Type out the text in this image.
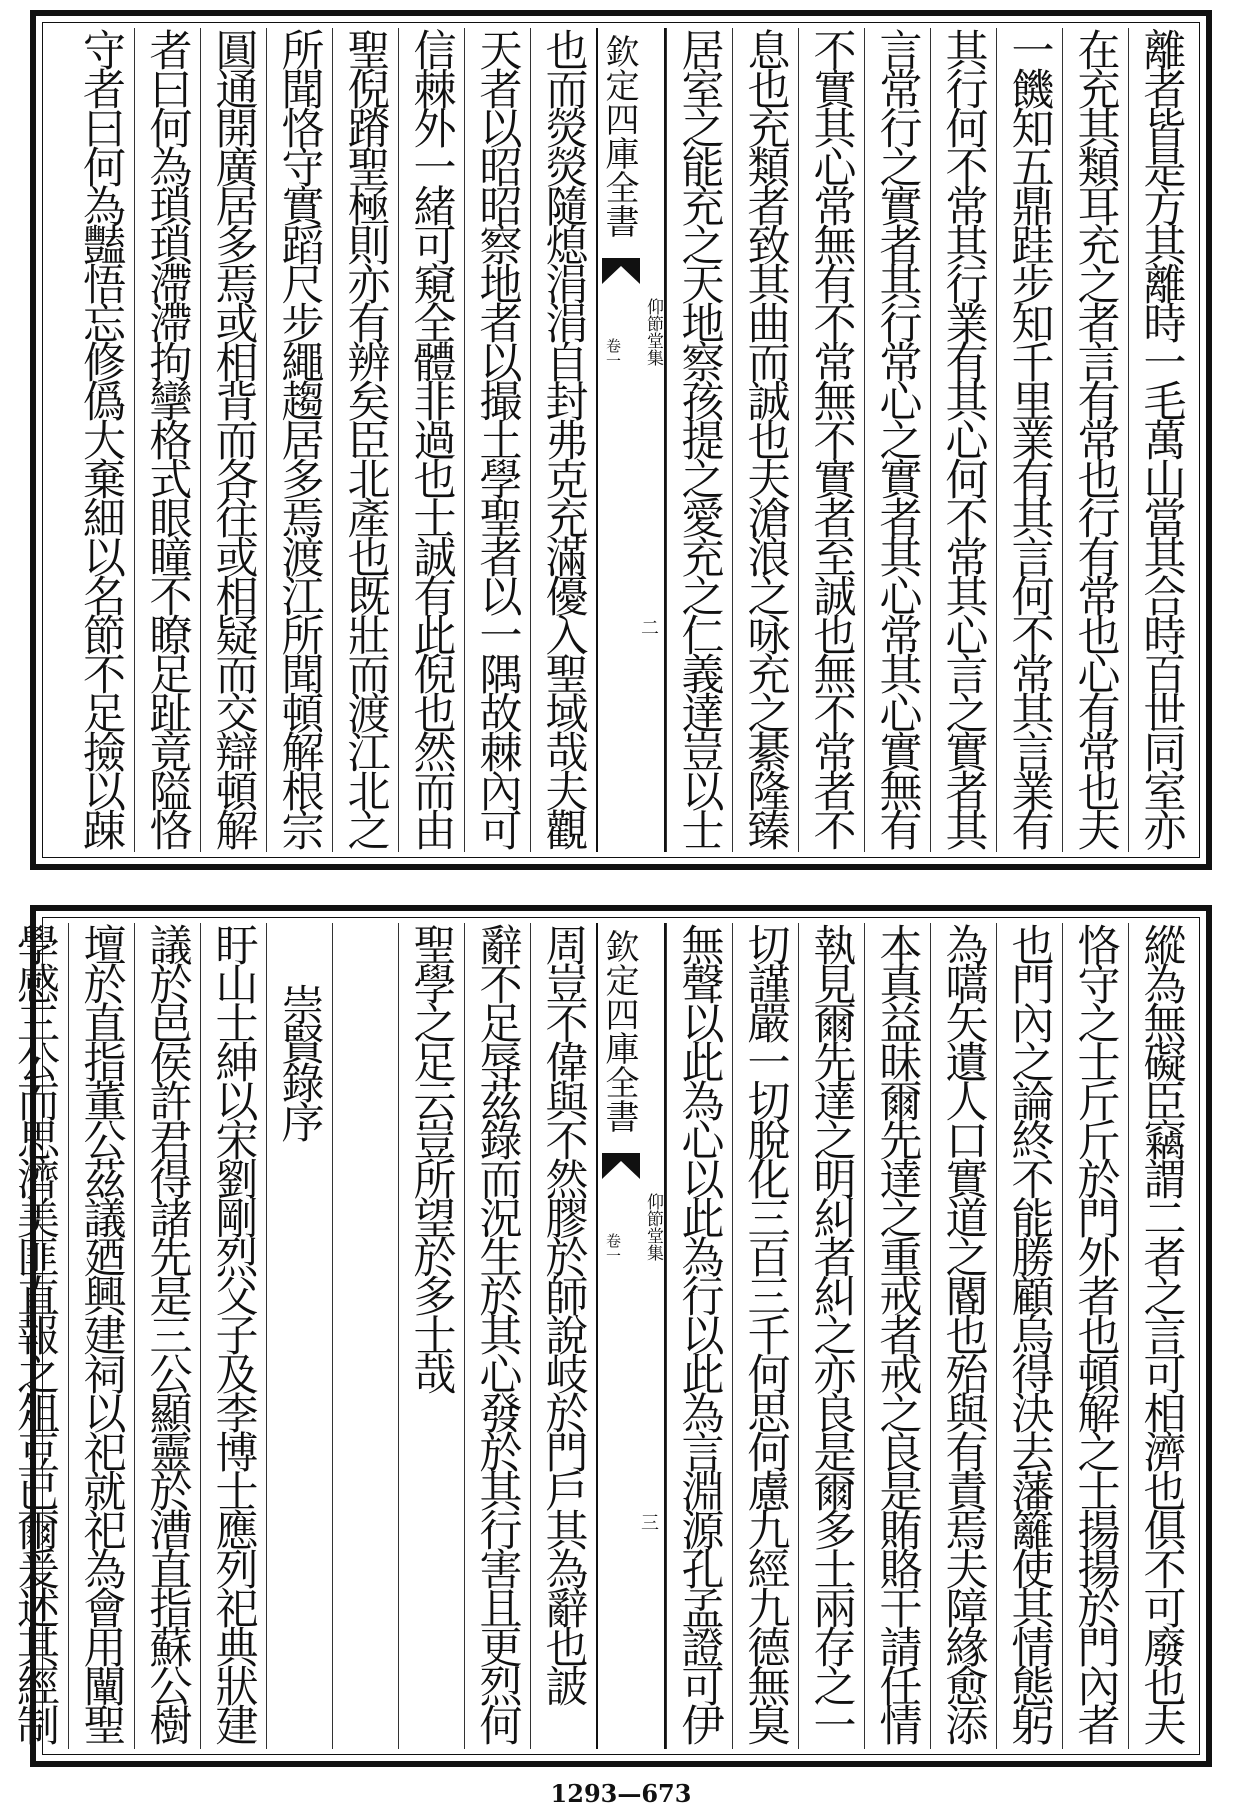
離者皆是方其離時一毛萬山當其合時百世同室亦
在充其類耳充之者言有常也行有常也心有常也夫
一饑知五鼎跬步知千里業有其言何不常其言業有
其行何不常其行業有其心何不常其心言之實者其
言常行之實者其行常心之實者其心常其心實無有
不實其心常無有不常無不實者至誠也無不常者不
息也充類者致其曲而誠也夫滄浪之咏充之綦隆臻
居室之能充之天地察孩提之愛充之仁義達豈以士
欽定四庫全書
仰節堂集
卷一
二
也而熒熒隨熄涓涓自封弗克充滿優入聖域哉夫觀
天者以昭昭察地者以撮土學聖者以一隅故棘內可
信棘外一緒可窺全體非過也士誠有此倪也然而由
聖倪蹐聖極則亦有辨矣臣北產也既壯而渡江北之
所聞恪守實蹈尺步繩趨居多焉渡江所聞頓解根宗
圓通開廣居多焉或相背而各往或相疑而交辯頓解
者曰何為瑣瑣滯滯拘攣格式眼瞳不瞭足趾竟隘恪
守者曰何為豔悟忘修僞大棄細以名節不足撿以踈
縱為無礙臣竊謂二者之言可相濟也俱不可廢也夫
恪守之士斤斤於門外者也頓解之士揚揚於門內者
也門內之論終不能勝顧烏得決去藩籬使其情態躬
為嚆矢遺人口實道之閽也殆與有責焉夫障緣愈添
本真益昧爾先達之重戒者戒之良是賄賂干請任情
執見爾先達之明糾者糾之亦良是爾多士兩存之一
切謹嚴一切脫化三百三千何思何慮九經九德無臭
無聲以此為心以此為行以此為言淵源孔孟證可伊
欽定四庫全書
仰節堂集
卷一
三
周豈不偉與不然膠於師說岐於門戶其為辭也詖
辭不足辱茲錄而況生於其心發於其行害且更烈何
聖學之足云豈所望於多士哉
崇賢錄序
盱山士紳以宋劉剛烈父子及李博士應列祀典狀建
議於邑侯許君得諸先是三公顯靈於漕直指蘇公樹
壇於直指董公茲議廼興建祠以祀就祀為會用闡聖
學感三公而思濟美匪直報之俎豆已爾爰述其經制
1293—673
